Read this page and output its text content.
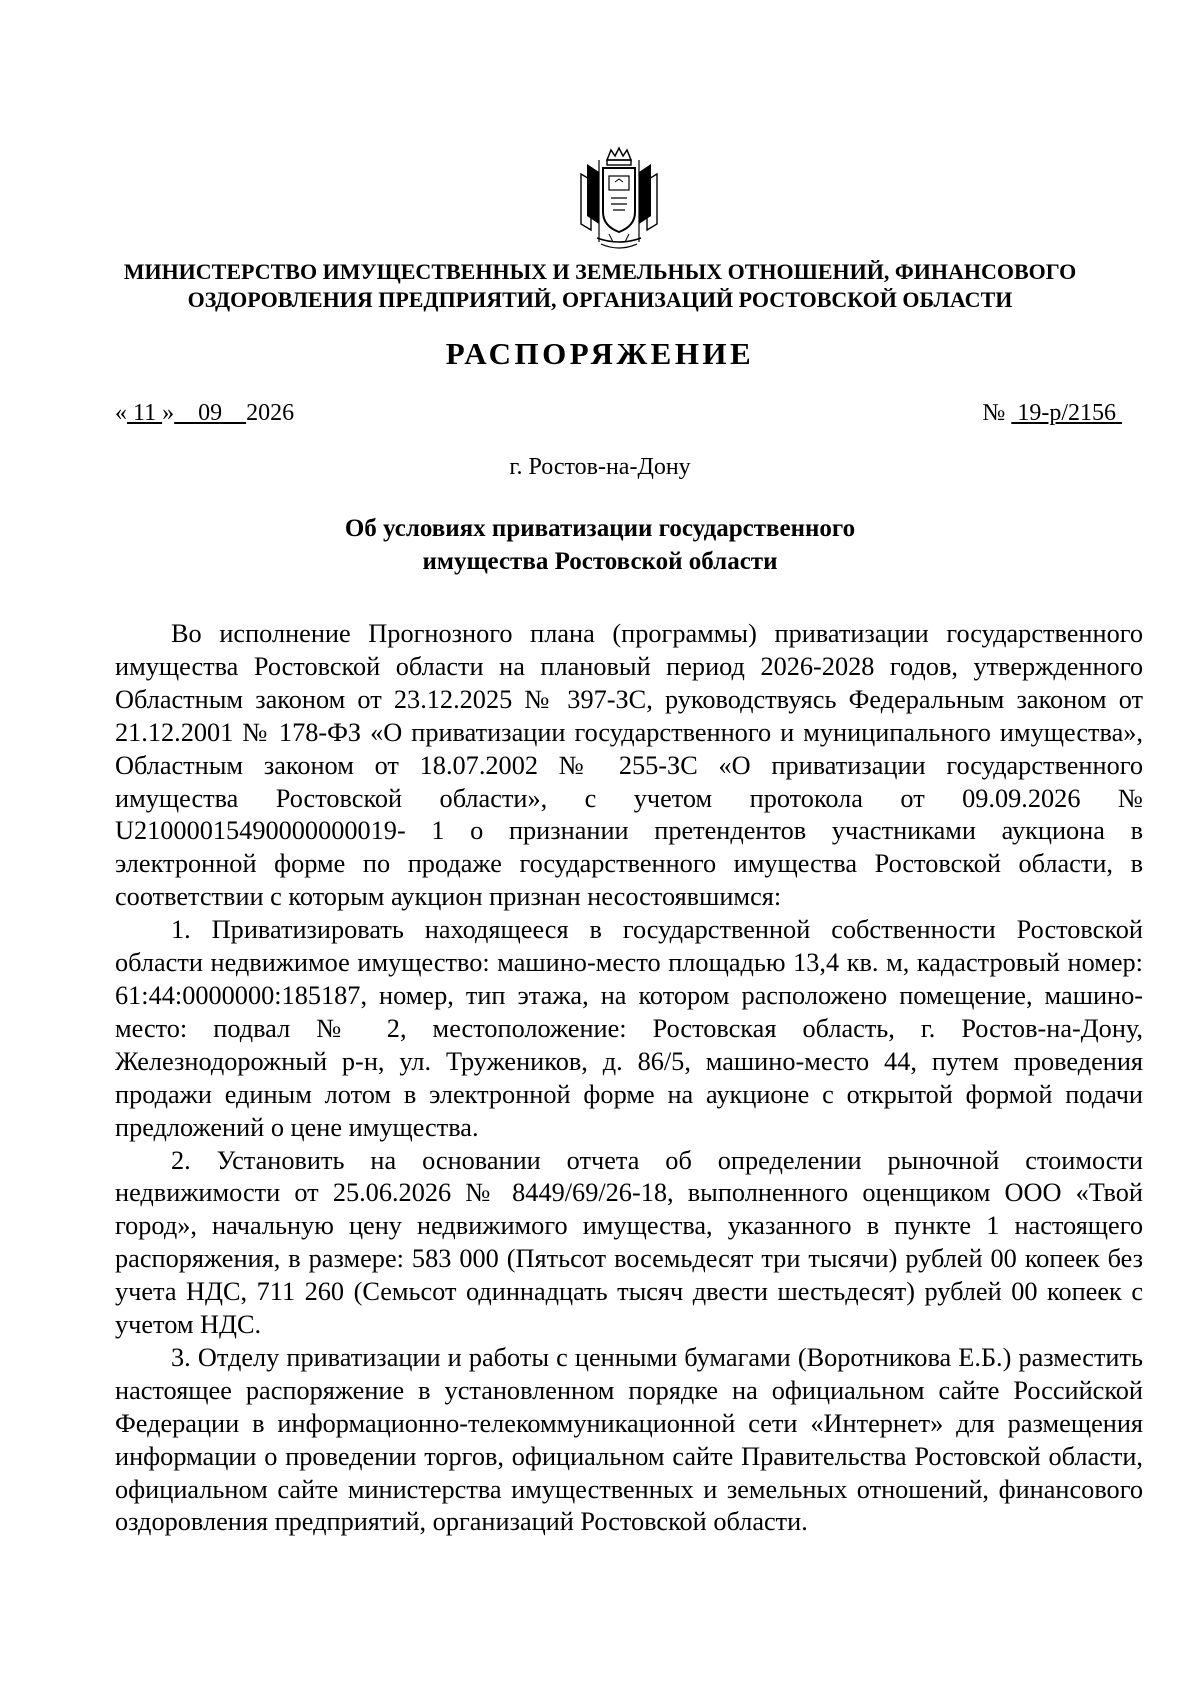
МИНИСТЕРСТВО ИМУЩЕСТВЕННЫХ И ЗЕМЕЛЬНЫХ ОТНОШЕНИЙ, ФИНАНСОВОГО
ОЗДОРОВЛЕНИЯ ПРЕДПРИЯТИЙ, ОРГАНИЗАЦИЙ РОСТОВСКОЙ ОБЛАСТИ
РАСПОРЯЖЕНИЕ
« 11 »    09    2026	№  19-р/2156
г. Ростов-на-Дону
Об условиях приватизации государственного
имущества Ростовской области

Во исполнение Прогнозного плана (программы) приватизации государственного имущества Ростовской области на плановый период 2026-2028 годов, утвержденного Областным законом от 23.12.2025 № 397-ЗС, руководствуясь Федеральным законом от 21.12.2001 № 178-ФЗ «О приватизации государственного и муниципального имущества», Областным законом от 18.07.2002 № 255-ЗС «О приватизации государственного имущества Ростовской области», с учетом протокола от 09.09.2026 № U21000015490000000019- 1 о признании претендентов участниками аукциона в электронной форме по продаже государственного имущества Ростовской области, в соответствии с которым аукцион признан несостоявшимся:

1. Приватизировать находящееся в государственной собственности Ростовской области недвижимое имущество: машино-место площадью 13,4 кв. м, кадастровый номер: 61:44:0000000:185187, номер, тип этажа, на котором расположено помещение, машино-место: подвал № 2, местоположение: Ростовская область, г. Ростов-на-Дону, Железнодорожный р-н, ул. Тружеников, д. 86/5, машино-место 44, путем проведения продажи единым лотом в электронной форме на аукционе с открытой формой подачи предложений о цене имущества.

2. Установить на основании отчета об определении рыночной стоимости недвижимости от 25.06.2026 № 8449/69/26-18, выполненного оценщиком ООО «Твой город», начальную цену недвижимого имущества, указанного в пункте 1 настоящего распоряжения, в размере: 583 000 (Пятьсот восемьдесят три тысячи) рублей 00 копеек без учета НДС, 711 260 (Семьсот одиннадцать тысяч двести шестьдесят) рублей 00 копеек с учетом НДС.

3. Отделу приватизации и работы с ценными бумагами (Воротникова Е.Б.) разместить настоящее распоряжение в установленном порядке на официальном сайте Российской Федерации в информационно-телекоммуникационной сети «Интернет» для размещения информации о проведении торгов, официальном сайте Правительства Ростовской области, официальном сайте министерства имущественных и земельных отношений, финансового оздоровления предприятий, организаций Ростовской области.
